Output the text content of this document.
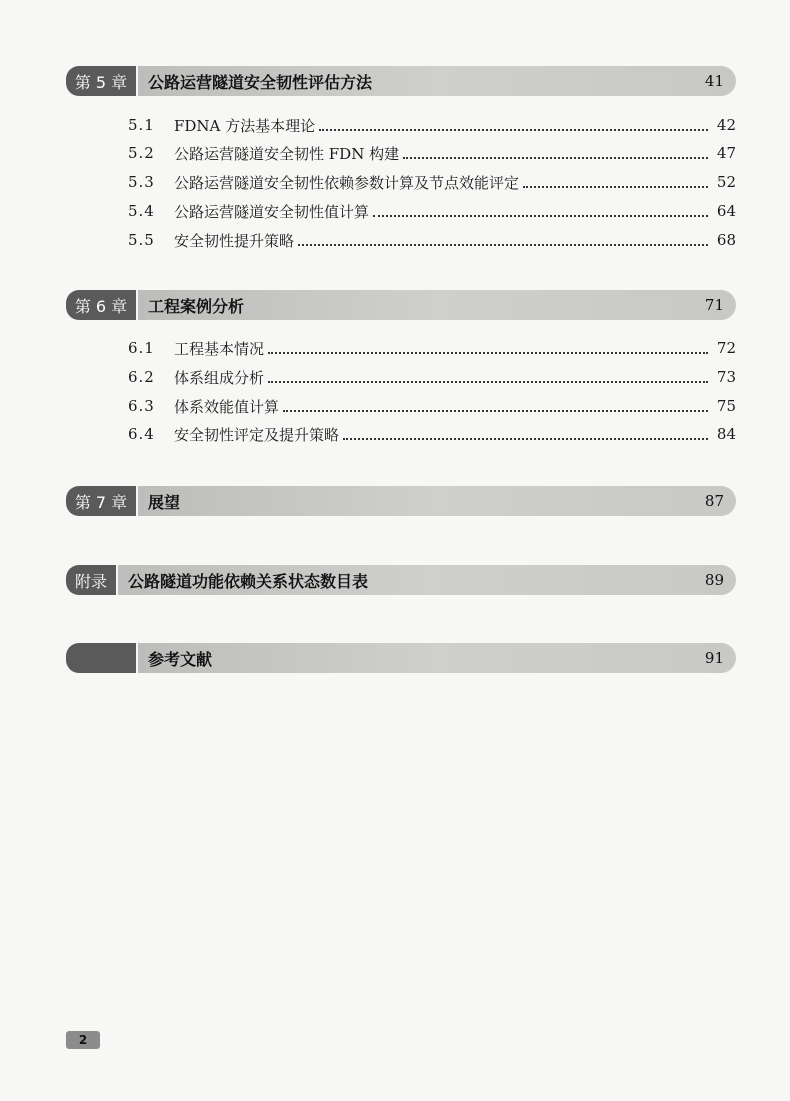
第 5 章	公路运营隧道安全韧性评估方法	41
5.1	FDNA 方法基本理论	42
5.2	公路运营隧道安全韧性 FDN 构建	47
5.3	公路运营隧道安全韧性依赖参数计算及节点效能评定	52
5.4	公路运营隧道安全韧性值计算	64
5.5	安全韧性提升策略	68
第 6 章	工程案例分析	71
6.1	工程基本情况	72
6.2	体系组成分析	73
6.3	体系效能值计算	75
6.4	安全韧性评定及提升策略	84
第 7 章	展望	87
附录	公路隧道功能依赖关系状态数目表	89
参考文献	91
2
